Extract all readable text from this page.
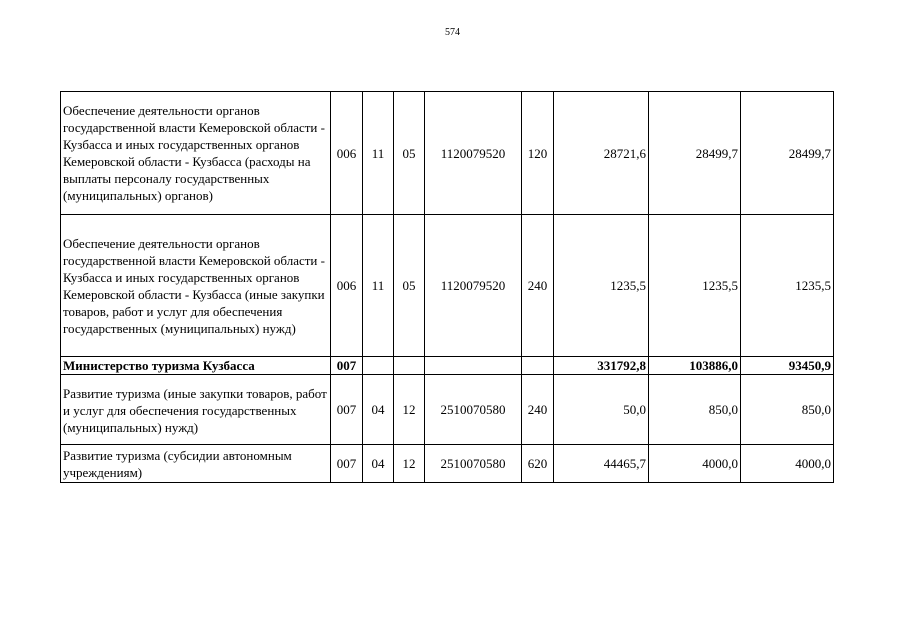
574
Обеспечение деятельности органов государственной власти Кемеровской области - Кузбасса и иных государственных органов Кемеровской области - Кузбасса (расходы на выплаты персоналу государственных (муниципальных) органов)	006	11	05	1120079520	120	28721,6	28499,7	28499,7
Обеспечение деятельности органов государственной власти Кемеровской области - Кузбасса и иных государственных органов Кемеровской области - Кузбасса (иные закупки товаров, работ и услуг для обеспечения государственных (муниципальных) нужд)	006	11	05	1120079520	240	1235,5	1235,5	1235,5
Министерство туризма Кузбасса	007					331792,8	103886,0	93450,9
Развитие туризма (иные закупки товаров, работ и услуг для обеспечения государственных (муниципальных) нужд)	007	04	12	2510070580	240	50,0	850,0	850,0
Развитие туризма (субсидии автономным учреждениям)	007	04	12	2510070580	620	44465,7	4000,0	4000,0
